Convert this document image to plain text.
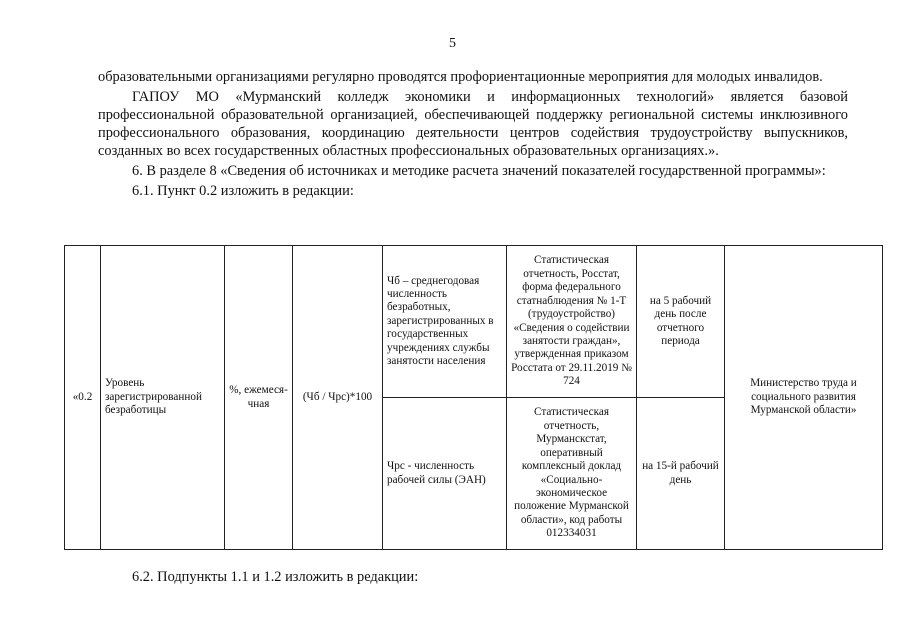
5

образовательными организациями регулярно проводятся профориентационные мероприятия для молодых инвалидов.

ГАПОУ МО «Мурманский колледж экономики и информационных технологий» является базовой профессиональной образовательной организацией, обеспечивающей поддержку региональной системы инклюзивного профессионального образования, координацию деятельности центров содействия трудоустройству выпускников, созданных во всех государственных областных профессиональных образовательных организациях.».

6. В разделе 8 «Сведения об источниках и методике расчета значений показателей государственной программы»:

6.1. Пункт 0.2 изложить в редакции:

«0.2	Уровень зарегистрированной безработицы	%, ежемеся-чная	(Чб / Чрс)*100	Чб – среднегодовая численность безработных, зарегистрированных в государственных учреждениях службы занятости населения	Статистическая отчетность, Росстат, форма федерального статнаблюдения № 1-Т (трудоустройство) «Сведения о содействии занятости граждан», утвержденная приказом Росстата от 29.11.2019 № 724	на 5 рабочий день после отчетного периода	Министерство труда и социального развития Мурманской области»
				Чрс - численность рабочей силы (ЭАН)	Статистическая отчетность, Мурманскстат, оперативный комплексный доклад «Социально-экономическое положение Мурманской области», код работы 012334031	на 15-й рабочий день	
6.2. Подпункты 1.1 и 1.2 изложить в редакции:
